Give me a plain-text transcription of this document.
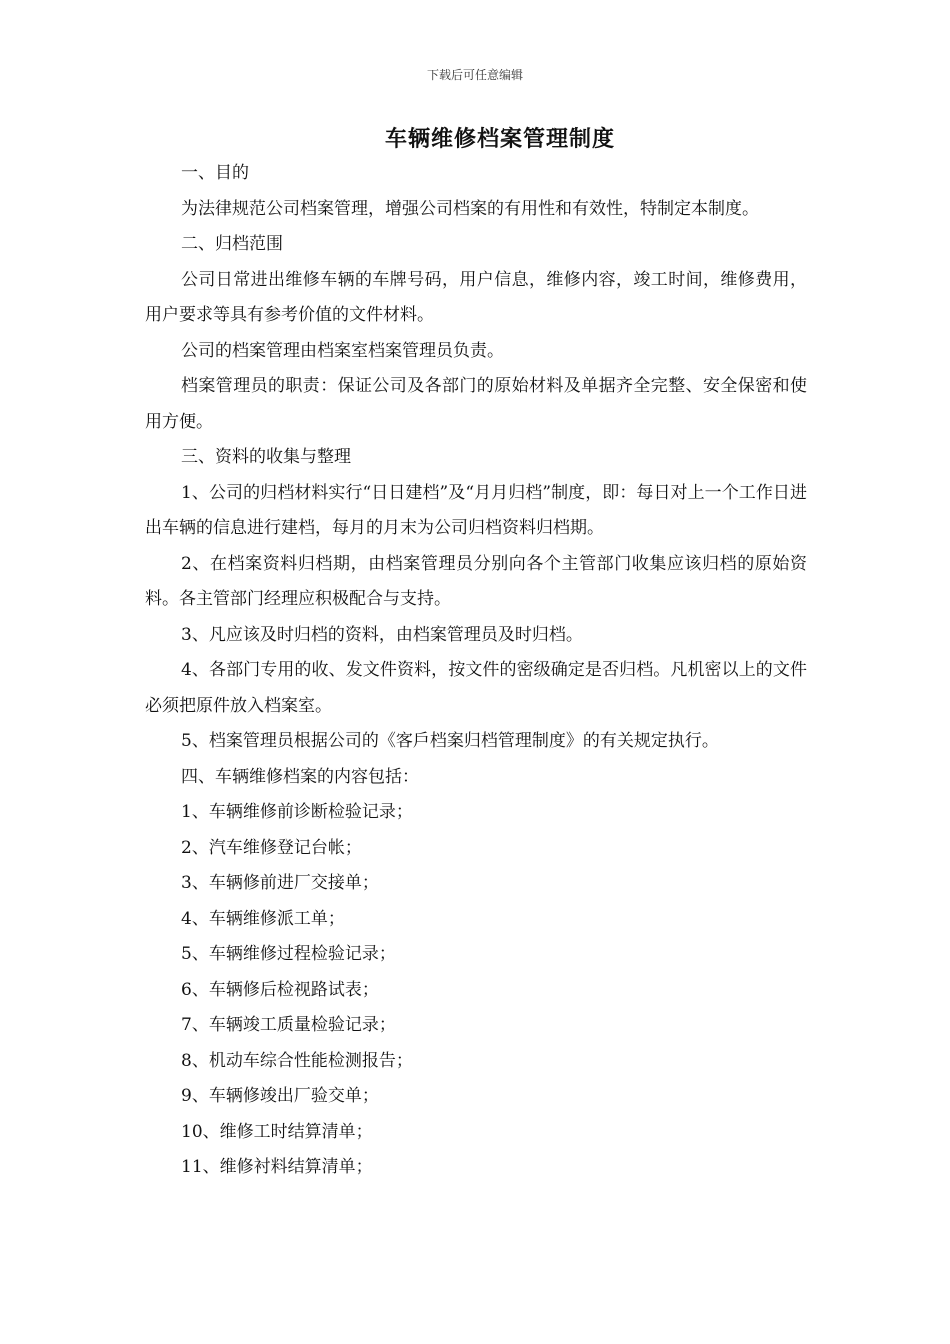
下载后可任意编辑
车辆维修档案管理制度

一、目的

为法律规范公司档案管理，增强公司档案的有用性和有效性，特制定本制度。

二、归档范围

公司日常进出维修车辆的车牌号码，用户信息，维修内容，竣工时间，维修费用，用户要求等具有参考价值的文件材料。

公司的档案管理由档案室档案管理员负责。

档案管理员的职责：保证公司及各部门的原始材料及单据齐全完整、安全保密和使用方便。

三、资料的收集与整理

1、公司的归档材料实行“日日建档”及“月月归档”制度，即：每日对上一个工作日进出车辆的信息进行建档，每月的月末为公司归档资料归档期。

2、在档案资料归档期，由档案管理员分别向各个主管部门收集应该归档的原始资料。各主管部门经理应积极配合与支持。

3、凡应该及时归档的资料，由档案管理员及时归档。

4、各部门专用的收、发文件资料，按文件的密级确定是否归档。凡机密以上的文件必须把原件放入档案室。

5、档案管理员根据公司的《客戶档案归档管理制度》的有关规定执行。

四、车辆维修档案的内容包括：

1、车辆维修前诊断检验记录；

2、汽车维修登记台帐；

3、车辆修前进厂交接单；

4、车辆维修派工单；

5、车辆维修过程检验记录；

6、车辆修后检视路试表；

7、车辆竣工质量检验记录；

8、机动车综合性能检测报告；

9、车辆修竣出厂验交单；

10、维修工时结算清单；

11、维修衬料结算清单；
